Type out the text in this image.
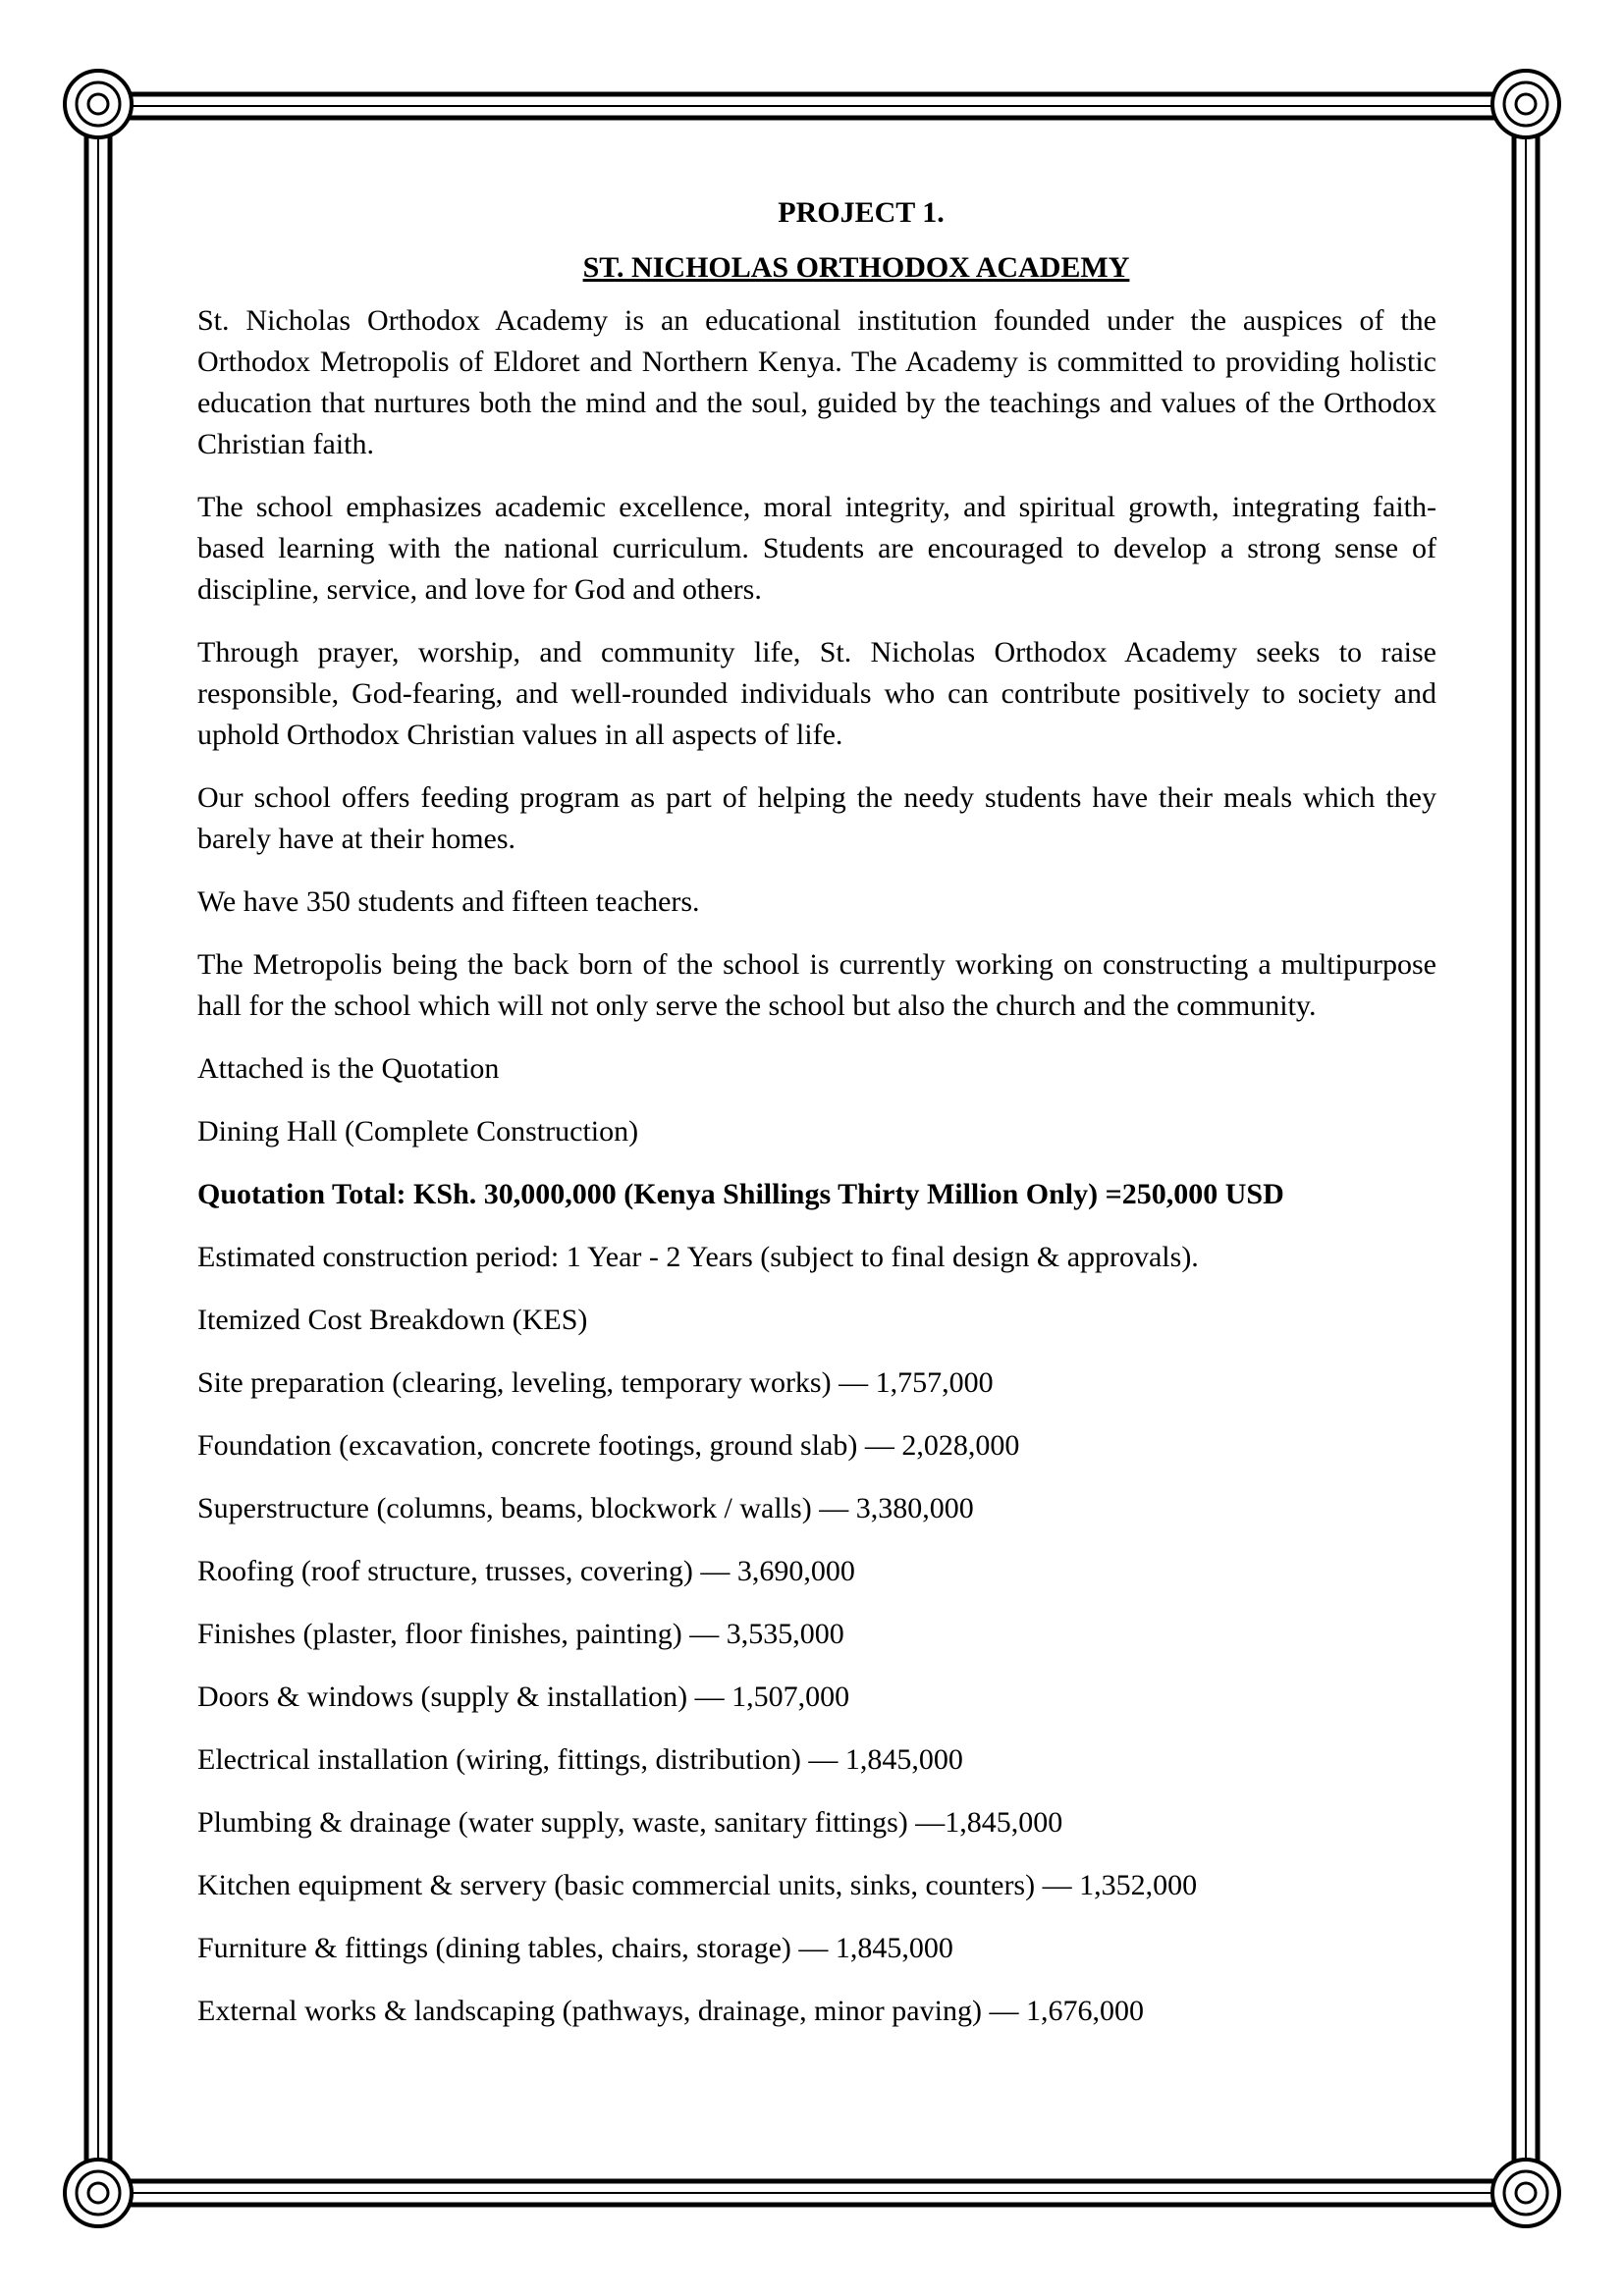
PROJECT 1.
ST. NICHOLAS ORTHODOX ACADEMY

St. Nicholas Orthodox Academy is an educational institution founded under the auspices of the Orthodox Metropolis of Eldoret and Northern Kenya. The Academy is committed to providing holistic education that nurtures both the mind and the soul, guided by the teachings and values of the Orthodox Christian faith.

The school emphasizes academic excellence, moral integrity, and spiritual growth, integrating faith-based learning with the national curriculum. Students are encouraged to develop a strong sense of discipline, service, and love for God and others.

Through prayer, worship, and community life, St. Nicholas Orthodox Academy seeks to raise responsible, God-fearing, and well-rounded individuals who can contribute positively to society and uphold Orthodox Christian values in all aspects of life.

Our school offers feeding program as part of helping the needy students have their meals which they barely have at their homes.

We have 350 students and fifteen teachers.

The Metropolis being the back born of the school is currently working on constructing a multipurpose hall for the school which will not only serve the school but also the church and the community.

Attached is the Quotation

Dining Hall (Complete Construction)

Quotation Total: KSh. 30,000,000 (Kenya Shillings Thirty Million Only) =250,000 USD

Estimated construction period: 1 Year - 2 Years (subject to final design & approvals).

Itemized Cost Breakdown (KES)

Site preparation (clearing, leveling, temporary works) — 1,757,000

Foundation (excavation, concrete footings, ground slab) — 2,028,000

Superstructure (columns, beams, blockwork / walls) — 3,380,000

Roofing (roof structure, trusses, covering) — 3,690,000

Finishes (plaster, floor finishes, painting) — 3,535,000

Doors & windows (supply & installation) — 1,507,000

Electrical installation (wiring, fittings, distribution) — 1,845,000

Plumbing & drainage (water supply, waste, sanitary fittings) —1,845,000

Kitchen equipment & servery (basic commercial units, sinks, counters) — 1,352,000

Furniture & fittings (dining tables, chairs, storage) — 1,845,000

External works & landscaping (pathways, drainage, minor paving) — 1,676,000
